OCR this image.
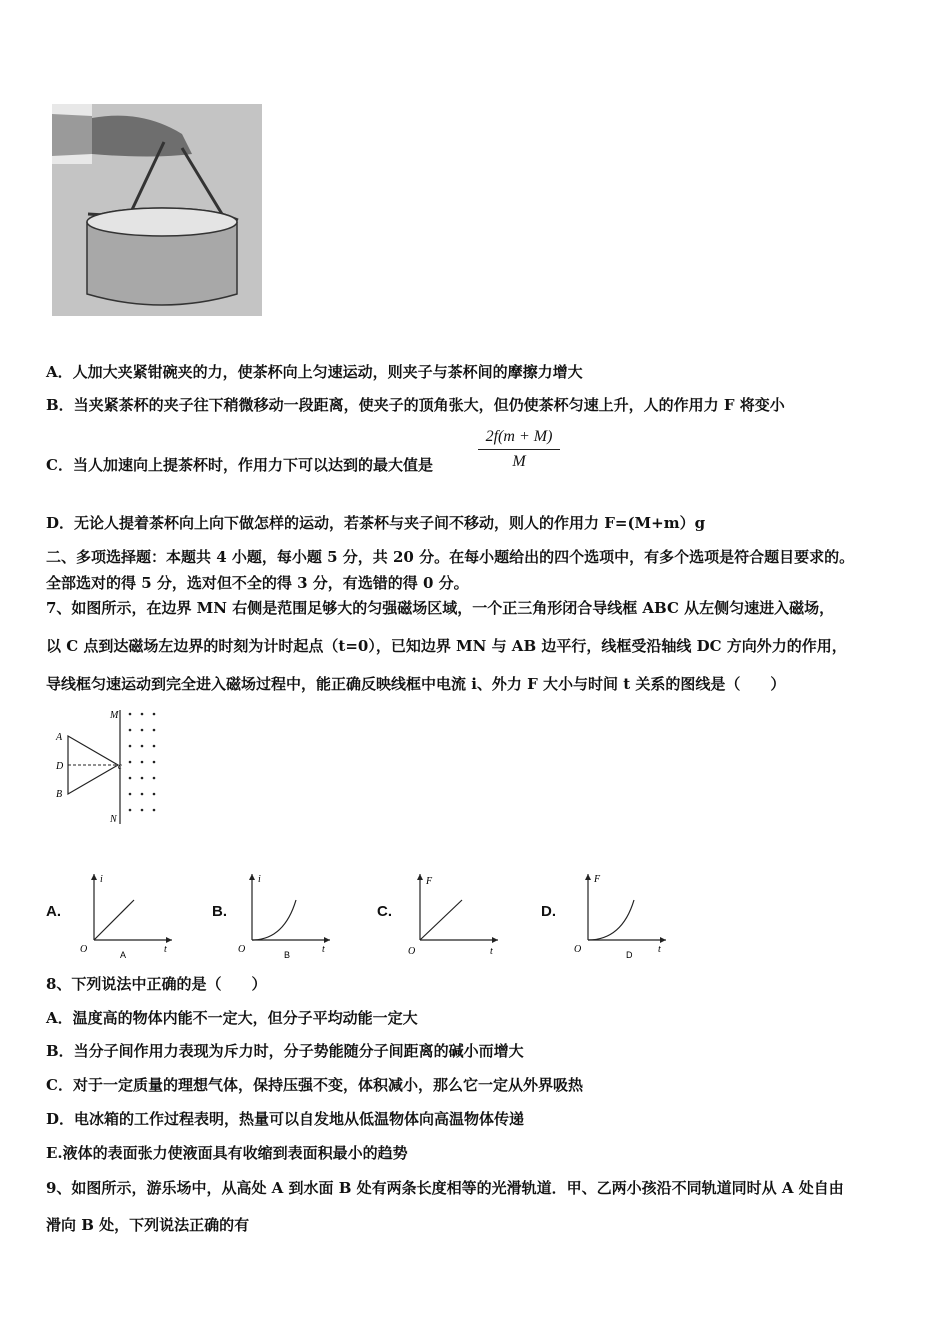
A．人加大夹紧钳碗夹的力，使茶杯向上匀速运动，则夹子与茶杯间的摩擦力增大
B．当夹紧茶杯的夹子往下稍微移动一段距离，使夹子的顶角张大，但仍使茶杯匀速上升，人的作用力 F 将变小
C．当人加速向上提茶杯时，作用力下可以达到的最大值是	$\frac{2f(m + M)}{M}$
D．无论人提着茶杯向上向下做怎样的运动，若茶杯与夹子间不移动，则人的作用力 F=(M+m）g
二、多项选择题：本题共 4 小题，每小题 5 分，共 20 分。在每小题给出的四个选项中，有多个选项是符合题目要求的。
全部选对的得 5 分，选对但不全的得 3 分，有选错的得 0 分。
7、如图所示，在边界 MN 右侧是范围足够大的匀强磁场区域，一个正三角形闭合导线框 ABC 从左侧匀速进入磁场，
以 C 点到达磁场左边界的时刻为计时起点（t=0），已知边界 MN 与 AB 边平行，线框受沿轴线 DC 方向外力的作用，
导线框匀速运动到完全进入磁场过程中，能正确反映线框中电流 i、外力 F 大小与时间 t 关系的图线是（　　）
A
D
B
M
N
c
A.
i
t
O	A
B.
i
t
O	B
C.
F
t
O
D.
F
t
O	D
8、下列说法中正确的是（　　）
A．温度高的物体内能不一定大，但分子平均动能一定大
B．当分子间作用力表现为斥力时，分子势能随分子间距离的碱小而增大
C．对于一定质量的理想气体，保持压强不变，体积减小，那么它一定从外界吸热
D．电冰箱的工作过程表明，热量可以自发地从低温物体向高温物体传递
E.液体的表面张力使液面具有收缩到表面积最小的趋势
9、如图所示，游乐场中，从高处 A 到水面 B 处有两条长度相等的光滑轨道．甲、乙两小孩沿不同轨道同时从 A 处自由
滑向 B 处，下列说法正确的有
